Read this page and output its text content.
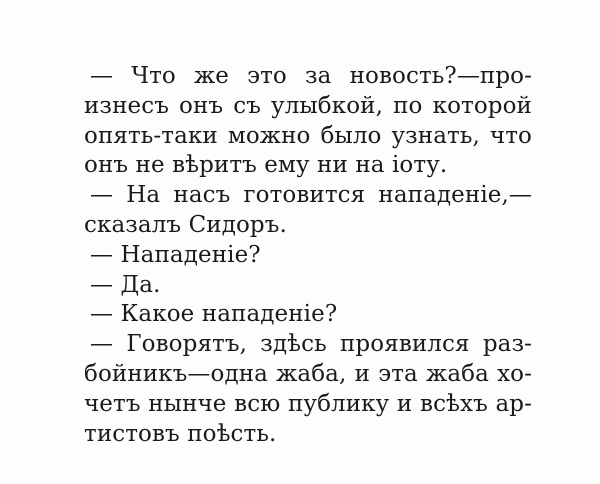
— Что же это за новость?—про-
изнесъ онъ съ улыбкой, по которой
опять-таки можно было узнать, что
онъ не вѣритъ ему ни на іоту.
— На насъ готовится нападеніе,—
сказалъ Сидоръ.
— Нападеніе?
— Да.
— Какое нападеніе?
— Говорятъ, здѣсь проявился раз-
бойникъ—одна жаба, и эта жаба хо-
четъ нынче всю публику и всѣхъ ар-
тистовъ поѣсть.
